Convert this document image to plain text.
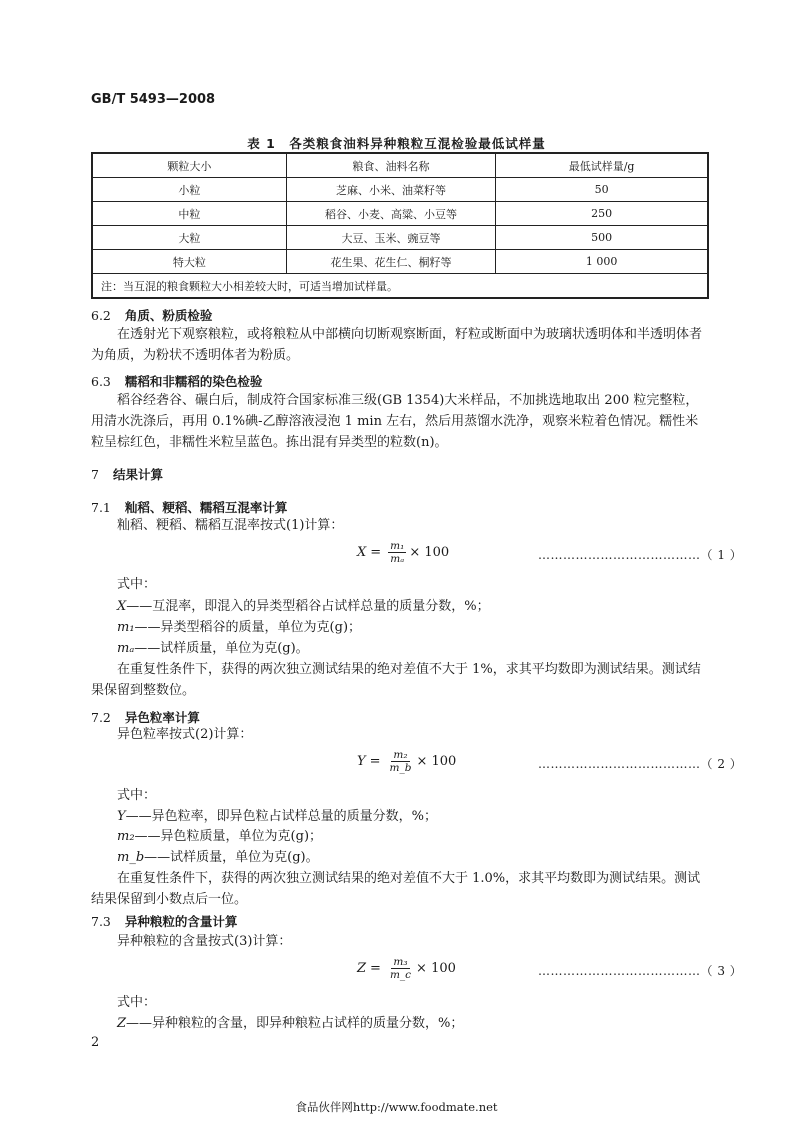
GB/T 5493—2008
表 1　各类粮食油料异种粮粒互混检验最低试样量
颗粒大小	粮食、油料名称	最低试样量/g
小粒	芝麻、小米、油菜籽等	50
中粒	稻谷、小麦、高粱、小豆等	250
大粒	大豆、玉米、豌豆等	500
特大粒	花生果、花生仁、桐籽等	1 000
注：当互混的粮食颗粒大小相差较大时，可适当增加试样量。		
6.2 角质、粉质检验
在透射光下观察粮粒，或将粮粒从中部横向切断观察断面，籽粒或断面中为玻璃状透明体和半透明体者为角质，为粉状不透明体者为粉质。
6.3 糯稻和非糯稻的染色检验
稻谷经砻谷、碾白后，制成符合国家标准三级(GB 1354)大米样品，不加挑选地取出 200 粒完整粒，用清水洗涤后，再用 0.1%碘-乙醇溶液浸泡 1 min 左右，然后用蒸馏水洗净，观察米粒着色情况。糯性米粒呈棕红色，非糯性米粒呈蓝色。拣出混有异类型的粒数(n)。
7 结果计算
7.1 籼稻、粳稻、糯稻互混率计算
籼稻、粳稻、糯稻互混率按式(1)计算：
$X = \frac{\text{m₁}}{\text{mₐ}} \times 100$	…………………………………（ 1 ）
式中：
X——互混率，即混入的异类型稻谷占试样总量的质量分数，%；
m₁——异类型稻谷的质量，单位为克(g)；
mₐ——试样质量，单位为克(g)。
在重复性条件下，获得的两次独立测试结果的绝对差值不大于 1%，求其平均数即为测试结果。测试结果保留到整数位。
7.2 异色粒率计算
异色粒率按式(2)计算：
$Y = \frac{\text{m₂}}{m\_b} \times 100$	…………………………………（ 2 ）
式中：
Y——异色粒率，即异色粒占试样总量的质量分数，%；
m₂——异色粒质量，单位为克(g)；
m_b——试样质量，单位为克(g)。
在重复性条件下，获得的两次独立测试结果的绝对差值不大于 1.0%，求其平均数即为测试结果。测试结果保留到小数点后一位。
7.3 异种粮粒的含量计算
异种粮粒的含量按式(3)计算：
$Z = \frac{\text{m₃}}{m\_c} \times 100$	…………………………………（ 3 ）
式中：
Z——异种粮粒的含量，即异种粮粒占试样的质量分数，%；
2
食品伙伴网http://www.foodmate.net
